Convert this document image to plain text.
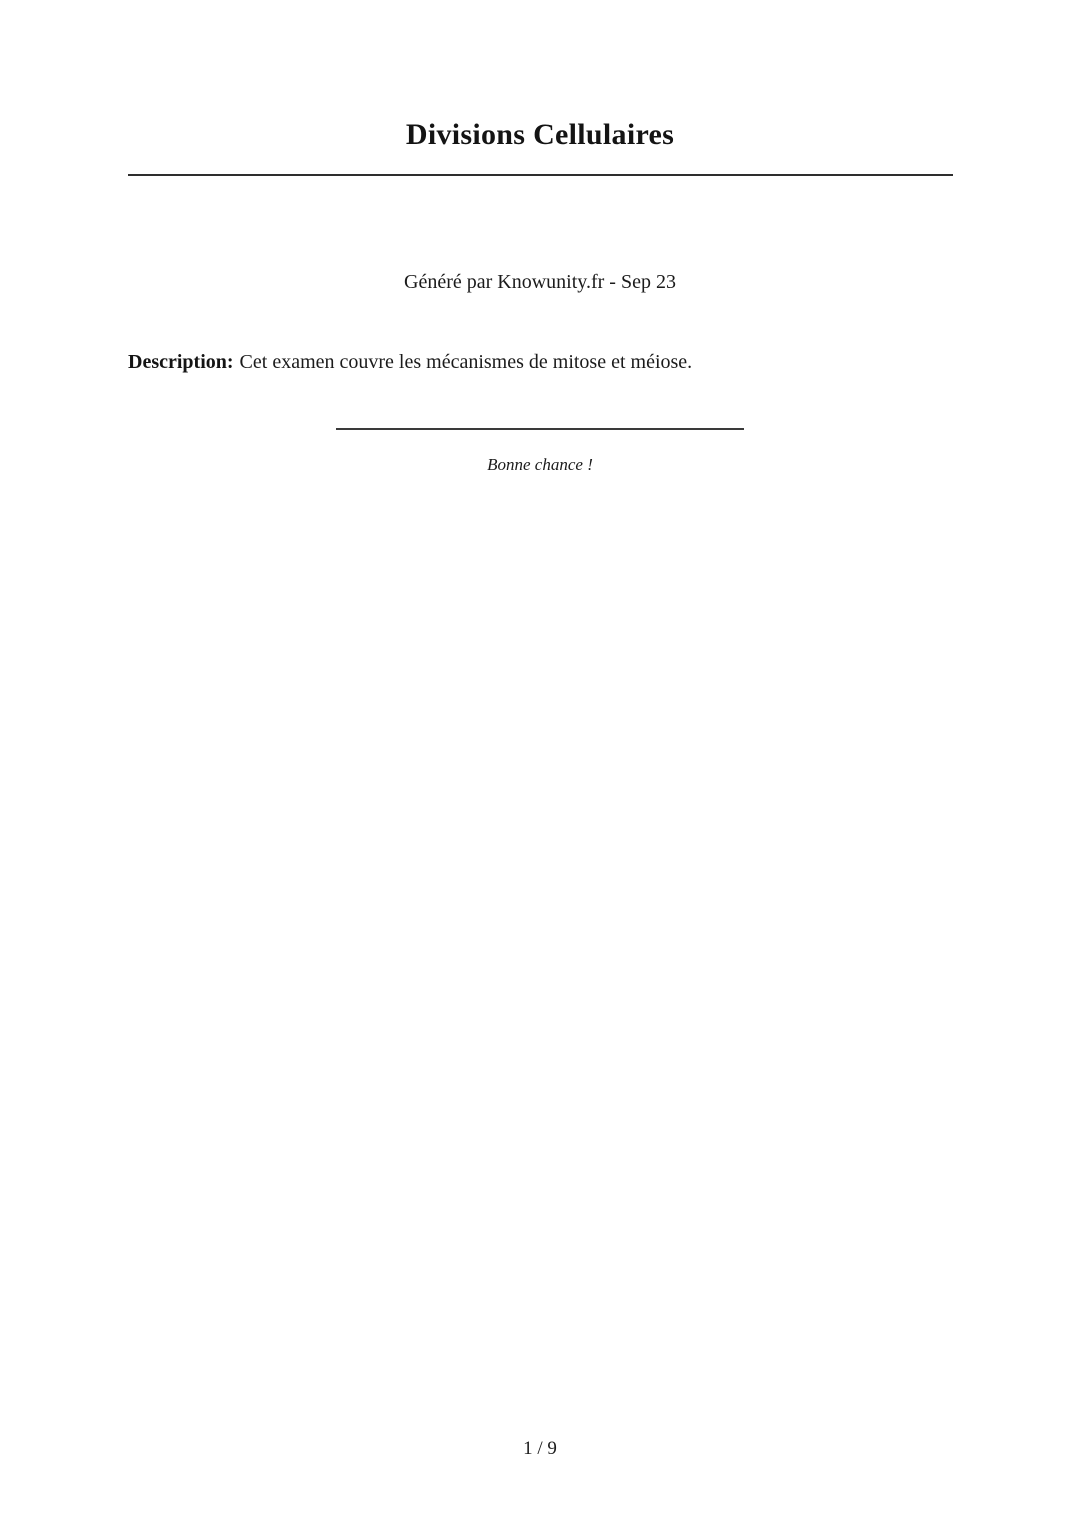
Divisions Cellulaires

Généré par Knowunity.fr - Sep 23

Description: Cet examen couvre les mécanismes de mitose et méiose.

Bonne chance !

1 / 9
